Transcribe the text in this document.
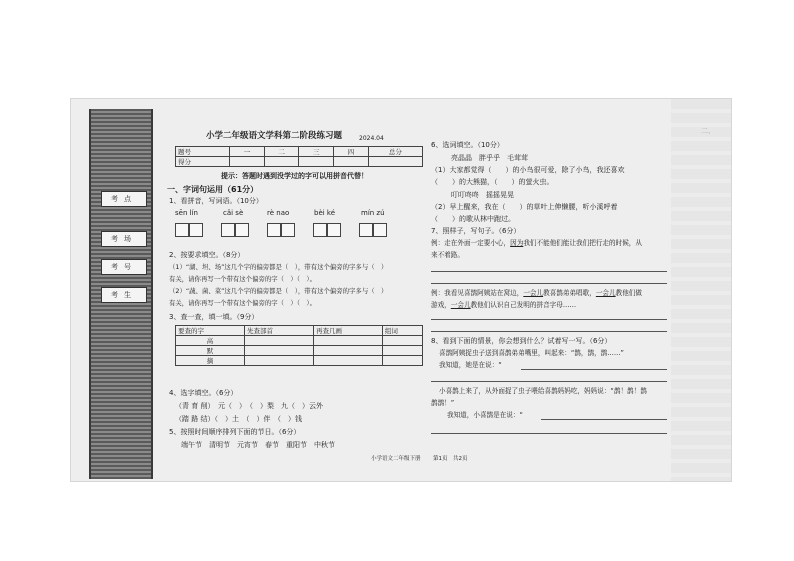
二、
考点
考场
考号
考生
小学二年级语文学科第二阶段练习题	2024.04
题号	一	二	三	四	总分
得分					
提示：答题时遇到没学过的字可以用拼音代替！
一、字词句运用（61分）
1、看拼音，写词语。（10分）
sēn lín	cǎi sè	rè nao	bèi ké	mín zú
2、按要求填空。（8分）
（1）“湖、坦、场”这几个字的偏旁都是（　），带有这个偏旁的字多与（　）
有关，请你再写一个带有这个偏旁的字（　）（　）。
（2）“蔬、菌、菜”这几个字的偏旁都是（　），带有这个偏旁的字多与（　）
有关，请你再写一个带有这个偏旁的字（　）（　）。
3、查一查，填一填。（9分）
要查的字	先查部首	再查几画	组词
高			
默			
摘			
4、选字填空。（6分）
（青 育 削）　元（　）　（　）梨　九（　）云外
（踏 路 结）（　）土　（　）伴　（　）钱
5、按照时间顺序排列下面的节日。（6分）
端午节　清明节　元宵节　春节　重阳节　中秋节
6、选词填空。（10分）
亮晶晶　胖乎乎　毛茸茸
（1）大家都觉得（　　）的小鸟很可爱，除了小鸟，我还喜欢
（　　）的大熊猫，（　　）的萤火虫。
叮叮咚咚　摇摇晃晃
（2）早上醒来，我在（　　）的草叶上伸懒腰，听小溪呼着
（　　）的歌从林中跑过。
7、照样子，写句子。（6分）
例：走在外面一定要小心，因为我们不能他们能让我们把行走的时候，从
来不着路。
例：我看见喜鹊阿姨站在窝边，一会儿教喜鹊弟弟唱歌，一会儿教他们做
游戏，一会儿教他们认识自己发明的拼音字母……
8、看到下面的情景，你会想到什么？试着写一写。（6分）
喜鹊阿姨捉虫子送到喜鹊弟弟嘴里，叫起来：“鹊，鹊，鹊……”
我知道，她是在说：“
小喜鹊上来了，从外面捉了虫子喂给喜鹊妈妈吃，妈妈说：“鹊！鹊！鹊
鹊鹊！”
我知道，小喜鹊是在说：“
小学语文二年级下册 第1页　共2页
